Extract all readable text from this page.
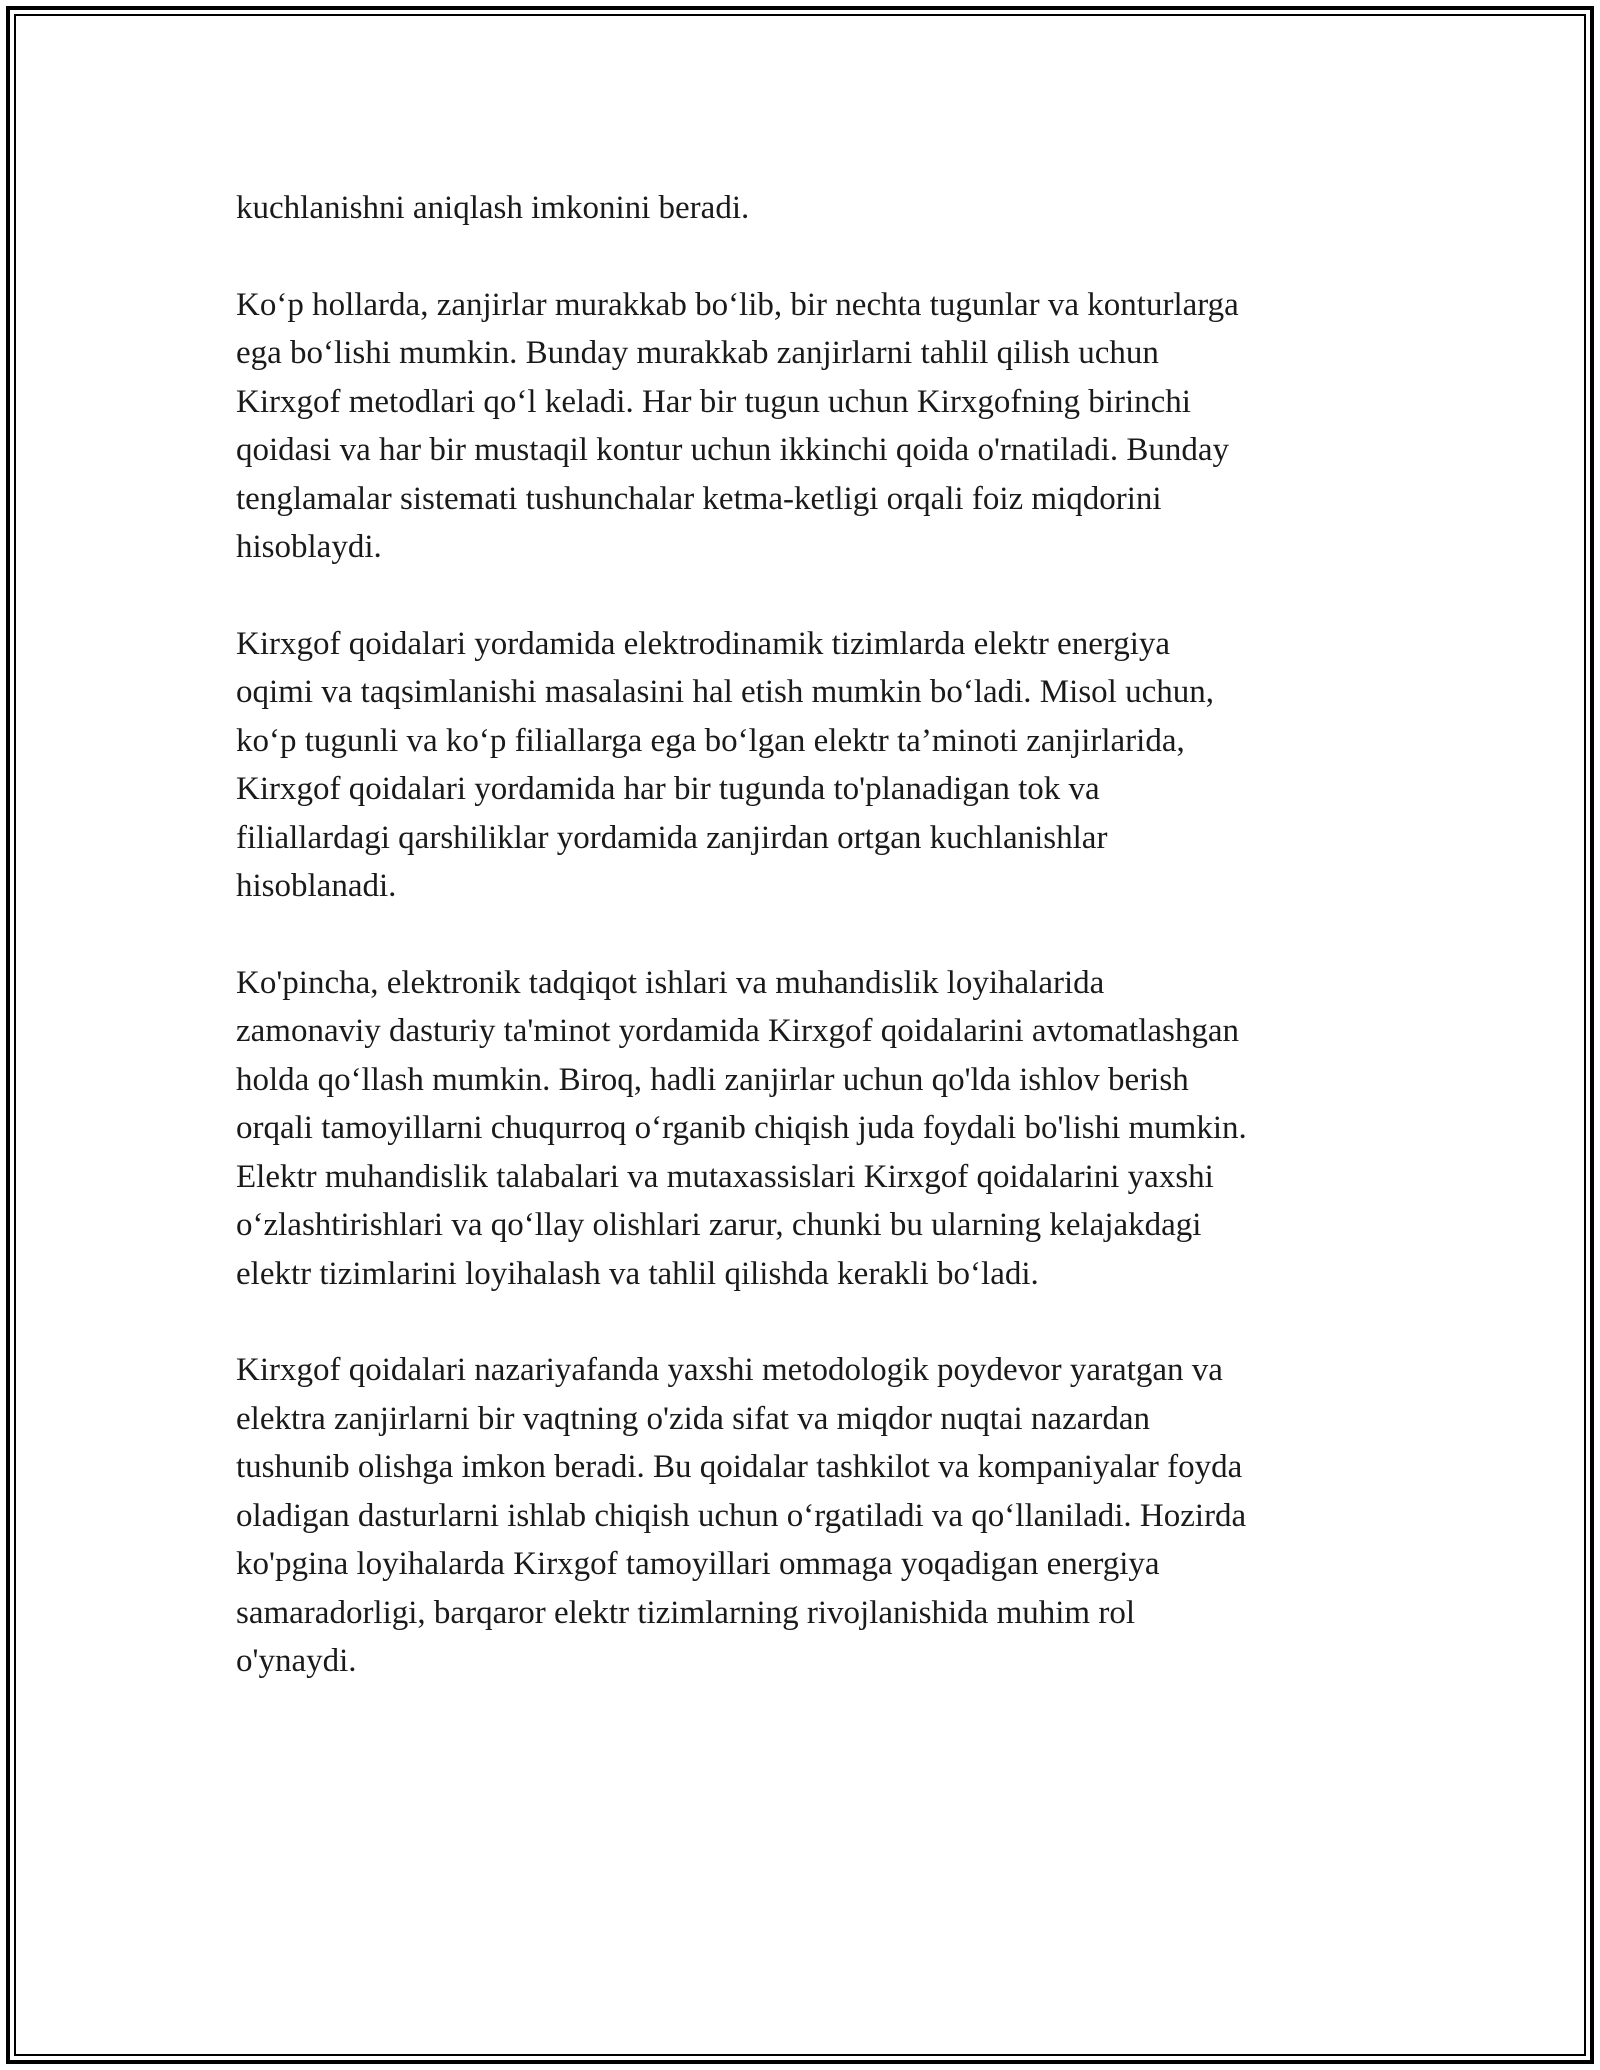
kuchlanishni aniqlash imkonini beradi.

Ko‘p hollarda, zanjirlar murakkab bo‘lib, bir nechta tugunlar va konturlarga
ega bo‘lishi mumkin. Bunday murakkab zanjirlarni tahlil qilish uchun
Kirxgof metodlari qo‘l keladi. Har bir tugun uchun Kirxgofning birinchi
qoidasi va har bir mustaqil kontur uchun ikkinchi qoida o'rnatiladi. Bunday
tenglamalar sistemati tushunchalar ketma-ketligi orqali foiz miqdorini
hisoblaydi.

Kirxgof qoidalari yordamida elektrodinamik tizimlarda elektr energiya
oqimi va taqsimlanishi masalasini hal etish mumkin bo‘ladi. Misol uchun,
ko‘p tugunli va ko‘p filiallarga ega bo‘lgan elektr ta’minoti zanjirlarida,
Kirxgof qoidalari yordamida har bir tugunda to'planadigan tok va
filiallardagi qarshiliklar yordamida zanjirdan ortgan kuchlanishlar
hisoblanadi.

Ko'pincha, elektronik tadqiqot ishlari va muhandislik loyihalarida
zamonaviy dasturiy ta'minot yordamida Kirxgof qoidalarini avtomatlashgan
holda qo‘llash mumkin. Biroq, hadli zanjirlar uchun qo'lda ishlov berish
orqali tamoyillarni chuqurroq o‘rganib chiqish juda foydali bo'lishi mumkin.
Elektr muhandislik talabalari va mutaxassislari Kirxgof qoidalarini yaxshi
o‘zlashtirishlari va qo‘llay olishlari zarur, chunki bu ularning kelajakdagi
elektr tizimlarini loyihalash va tahlil qilishda kerakli bo‘ladi.

Kirxgof qoidalari nazariyafanda yaxshi metodologik poydevor yaratgan va
elektra zanjirlarni bir vaqtning o'zida sifat va miqdor nuqtai nazardan
tushunib olishga imkon beradi. Bu qoidalar tashkilot va kompaniyalar foyda
oladigan dasturlarni ishlab chiqish uchun o‘rgatiladi va qo‘llaniladi. Hozirda
ko'pgina loyihalarda Kirxgof tamoyillari ommaga yoqadigan energiya
samaradorligi, barqaror elektr tizimlarning rivojlanishida muhim rol
o'ynaydi.
